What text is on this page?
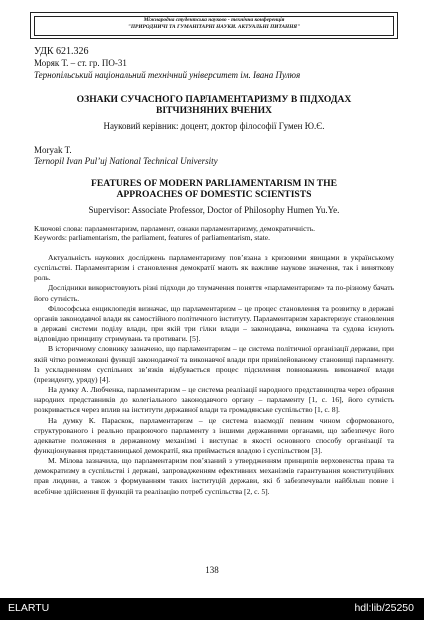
Міжнародна студентська науково - технічна конференція
"ПРИРОДНИЧІ ТА ГУМАНІТАРНІ НАУКИ. АКТУАЛЬНІ ПИТАННЯ"
УДК 621.326
Моряк Т. – ст. гр. ПО-31
Тернопільський національний технічний університет ім. Івана Пулюя
ОЗНАКИ СУЧАСНОГО ПАРЛАМЕНТАРИЗМУ В ПІДХОДАХ
ВІТЧИЗНЯНИХ ВЧЕНИХ
Науковий керівник: доцент, доктор філософії Гумен Ю.Є.
Moryak T.
Ternopil Ivan Pul’uj National Technical University
FEATURES OF MODERN PARLIAMENTARISM IN THE
APPROACHES OF DOMESTIC SCIENTISTS
Supervisor: Associate Professor, Doctor of Philosophy Humen Yu.Ye.
Ключові слова: парламентаризм, парламент, ознаки парламентаризму, демократичність.
Keywords: parliamentarism, the parliament, features of parliamentarism, state.

Актуальність наукових досліджень парламентаризму пов’язана з кризовими явищами в українському суспільстві. Парламентаризм і становлення демократії мають як важливе наукове значення, так і виняткову роль.

Дослідники використовують різні підходи до тлумачення поняття «парламентаризм» та по-різному бачать його сутність.

Філософська енциклопедія визначає, що парламентаризм – це процес становлення та розвитку в державі органів законодавчої влади як самостійного політичного інституту. Парламентаризм характеризує становлення в державі системи поділу влади, при якій три гілки влади – законодавча, виконавча та судова існують відповідно принципу стримувань та противаги. [5].

В історичному словнику зазначено, що парламентаризм – це система політичної організації держави, при якій чітко розмежовані функції законодавчої та виконавчої влади при привілейованому становищі парламенту. Із ускладненням суспільних зв’язків відбувається процес підсилення повноважень виконавчої влади (президенту, уряду) [4].

На думку А. Любченка, парламентаризм – це система реалізації народного представництва через обрання народних представників до колегіального законодавчого органу – парламенту [1, с. 16], його сутність розкривається через вплив на інститути державної влади та громадянське суспільство [1, с. 8].

На думку К. Параскок, парламентаризм – це система взаємодії певним чином сформованого, структурованого і реально працюючого парламенту з іншими державними органами, що забезпечує його адекватне положення в державному механізмі і виступає в якості основного способу організації та функціонування представницької демократії, яка приймається владою і суспільством [3].

М. Мілова зазначила, що парламентаризм пов’язаний з утвердженням принципів верховенства права та демократизму в суспільстві і державі, запровадженням ефективних механізмів гарантування конституційних прав людини, а також з формуванням таких інституцій держави, які б забезпечували найбільш повне і всебічне здійснення її функцій та реалізацію потреб суспільства [2, с. 5].

138
ELARTU	hdl:lib/25250
